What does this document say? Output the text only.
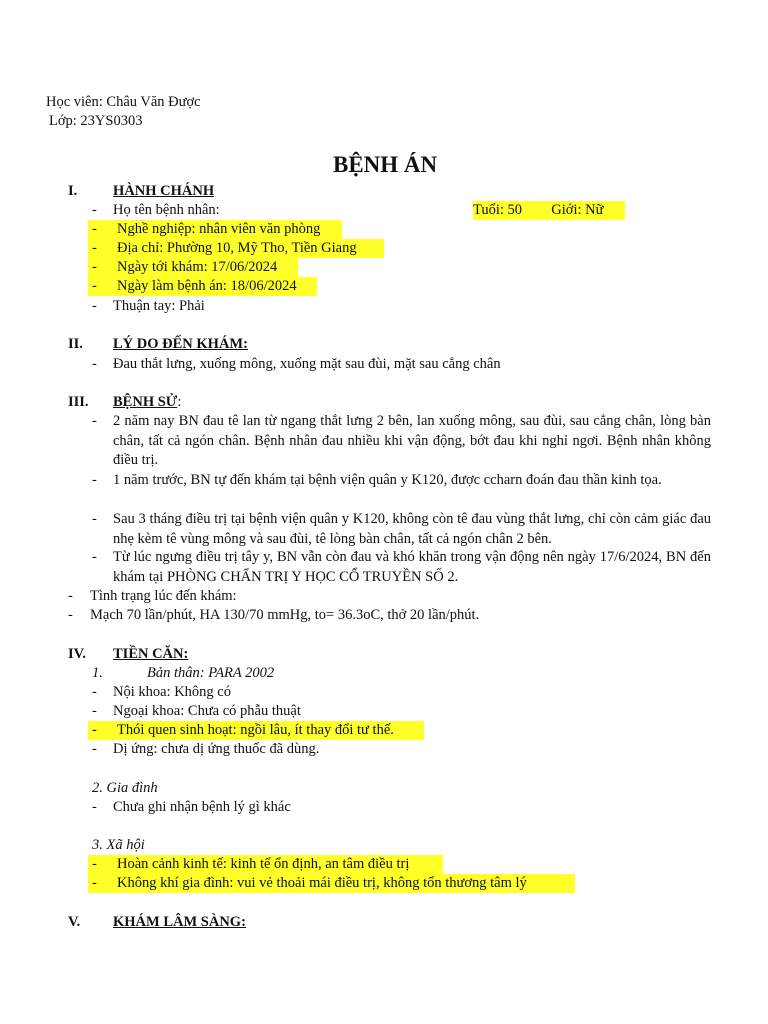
Học viên: Châu Văn Được
Lớp: 23YS0303
BỆNH ÁN
I. HÀNH CHÁNH
- Họ tên bệnh nhân:	Tuổi: 50 Giới: Nữ
- Nghề nghiệp: nhân viên văn phòng
- Địa chỉ: Phường 10, Mỹ Tho, Tiền Giang
- Ngày tới khám: 17/06/2024
- Ngày làm bệnh án: 18/06/2024
- Thuận tay: Phải
II. LÝ DO ĐẾN KHÁM:
- Đau thắt lưng, xuống mông, xuống mặt sau đùi, mặt sau cẳng chân
III. BỆNH SỬ:
- 2 năm nay BN đau tê lan từ ngang thắt lưng 2 bên, lan xuống mông, sau đùi, sau cẳng chân, lòng bàn chân, tất cả ngón chân. Bệnh nhân đau nhiều khi vận động, bớt đau khi nghỉ ngơi. Bệnh nhân không điều trị.
- 1 năm trước, BN tự đến khám tại bệnh viện quân y K120, được ccharn đoán đau thần kinh tọa.
- Sau 3 tháng điều trị tại bệnh viện quân y K120, không còn tê đau vùng thắt lưng, chỉ còn cảm giác đau nhẹ kèm tê vùng mông và sau đùi, tê lòng bàn chân, tất cả ngón chân 2 bên.
- Từ lúc ngưng điều trị tây y, BN vẫn còn đau và khó khăn trong vận động nên ngày 17/6/2024, BN đến khám tại PHÒNG CHẨN TRỊ Y HỌC CỔ TRUYỀN SỐ 2.
- Tình trạng lúc đến khám:
- Mạch 70 lần/phút, HA 130/70 mmHg, to= 36.3oC, thở 20 lần/phút.
IV. TIỀN CĂN:
1.	Bản thân: PARA 2002
- Nội khoa: Không có
- Ngoại khoa: Chưa có phẫu thuật
- Thói quen sinh hoạt: ngồi lâu, ít thay đổi tư thế.
- Dị ứng: chưa dị ứng thuốc đã dùng.
2. Gia đình
- Chưa ghi nhận bệnh lý gì khác
3. Xã hội
- Hoàn cảnh kinh tế: kinh tế ổn định, an tâm điều trị
- Không khí gia đình: vui vẻ thoải mái điều trị, không tổn thương tâm lý
V. KHÁM LÂM SÀNG:
